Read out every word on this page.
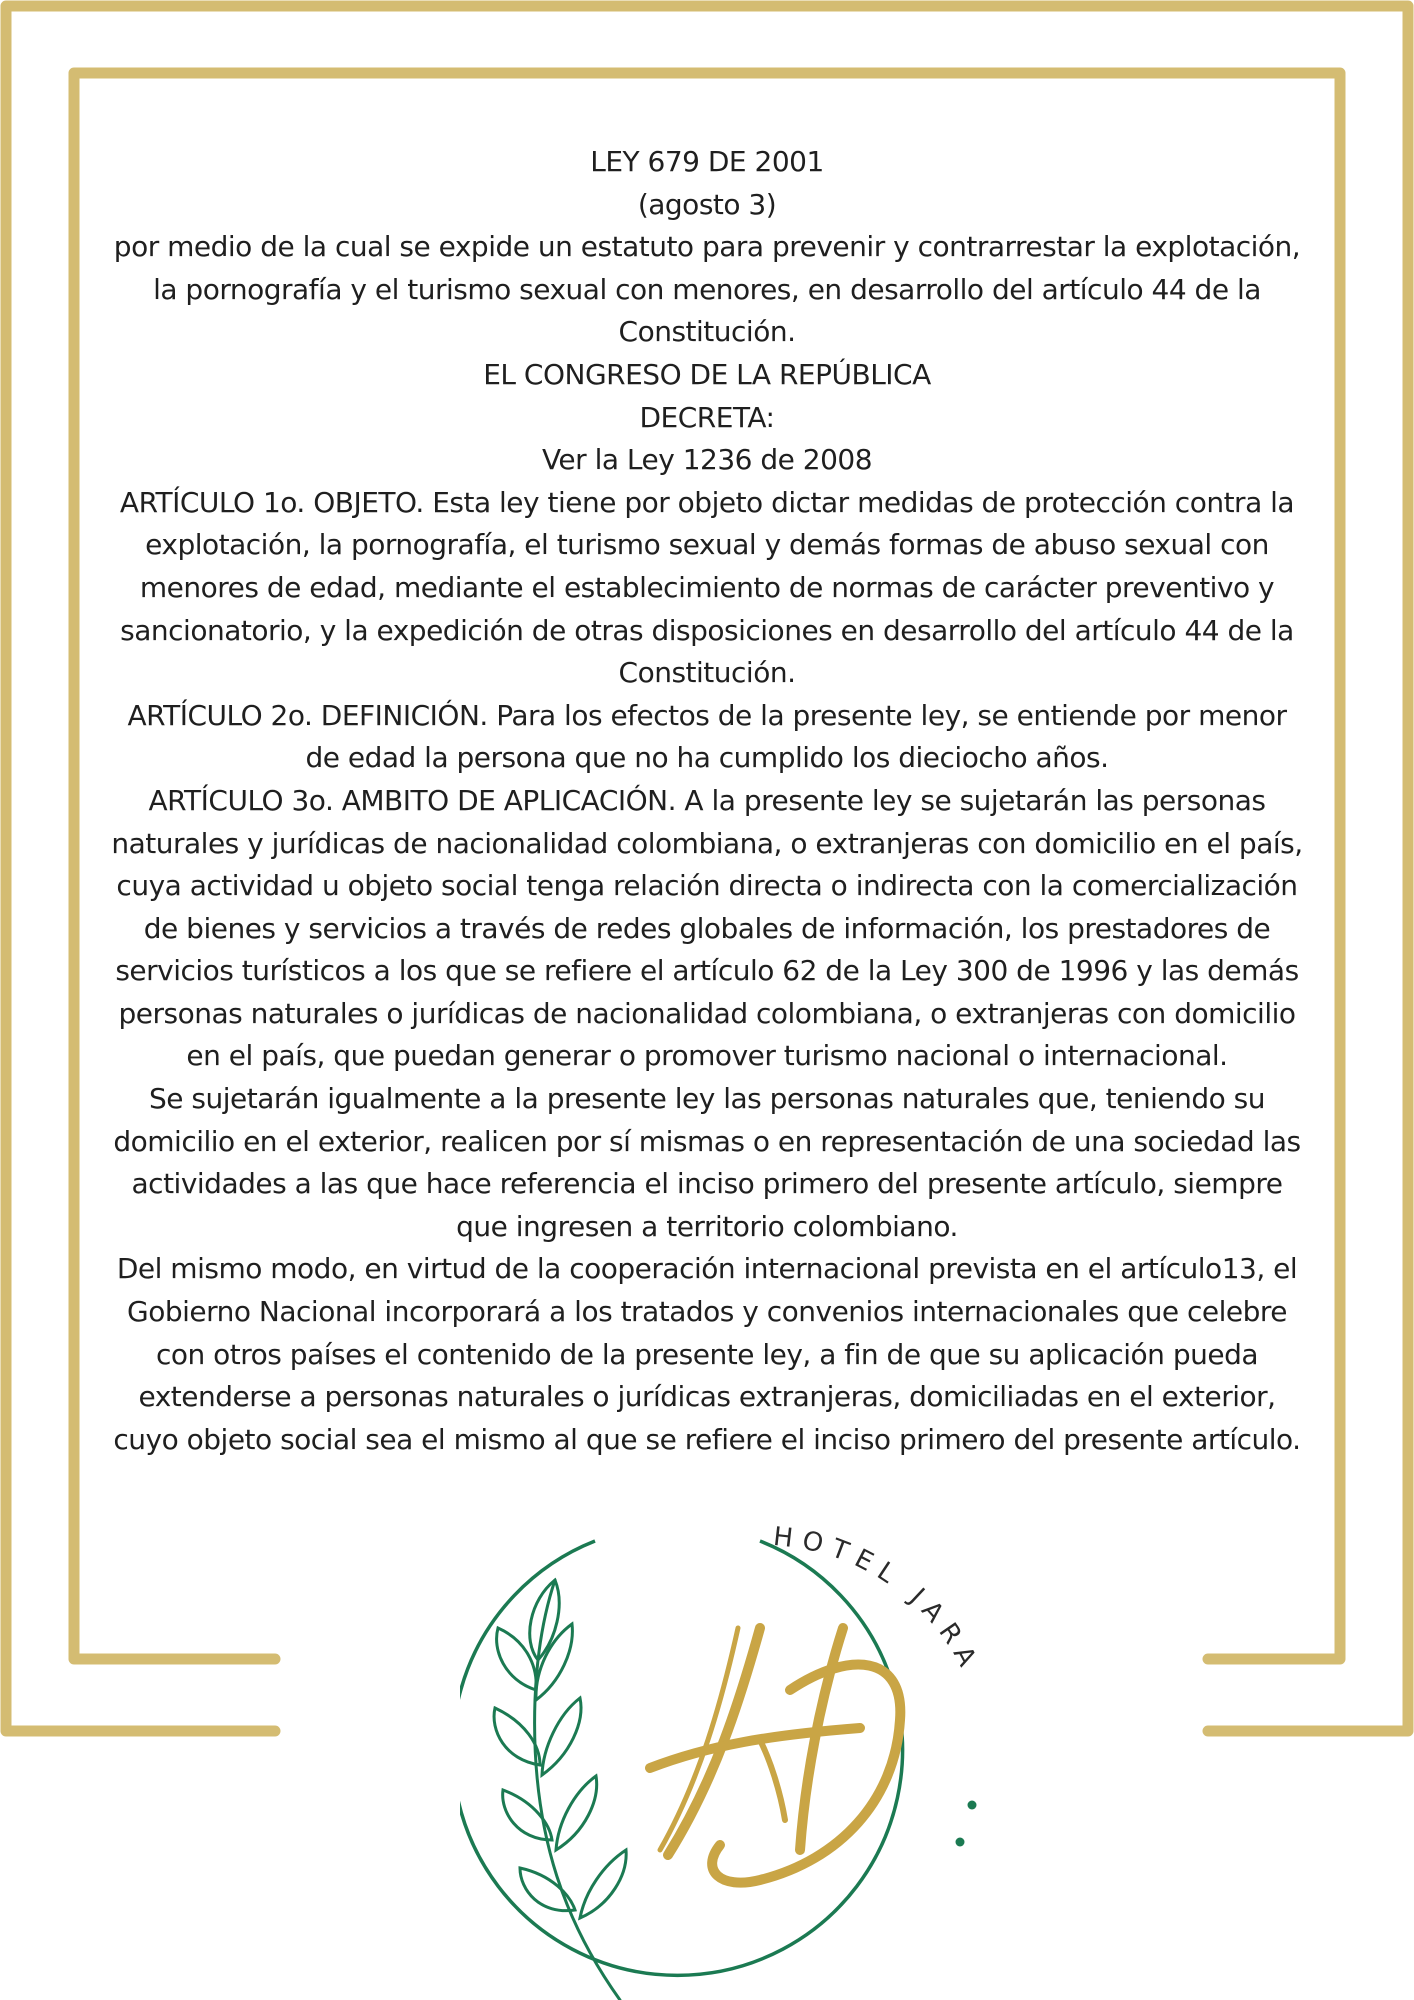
LEY 679 DE 2001
(agosto 3)
por medio de la cual se expide un estatuto para prevenir y contrarrestar la explotación, la pornografía y el turismo sexual con menores, en desarrollo del artículo 44 de la Constitución.
EL CONGRESO DE LA REPÚBLICA
DECRETA:
Ver la Ley 1236 de 2008
ARTÍCULO 1o. OBJETO. Esta ley tiene por objeto dictar medidas de protección contra la explotación, la pornografía, el turismo sexual y demás formas de abuso sexual con menores de edad, mediante el establecimiento de normas de carácter preventivo y sancionatorio, y la expedición de otras disposiciones en desarrollo del artículo 44 de la Constitución.
ARTÍCULO 2o. DEFINICIÓN. Para los efectos de la presente ley, se entiende por menor de edad la persona que no ha cumplido los dieciocho años.
ARTÍCULO 3o. AMBITO DE APLICACIÓN. A la presente ley se sujetarán las personas naturales y jurídicas de nacionalidad colombiana, o extranjeras con domicilio en el país, cuya actividad u objeto social tenga relación directa o indirecta con la comercialización de bienes y servicios a través de redes globales de información, los prestadores de servicios turísticos a los que se refiere el artículo 62 de la Ley 300 de 1996 y las demás personas naturales o jurídicas de nacionalidad colombiana, o extranjeras con domicilio en el país, que puedan generar o promover turismo nacional o internacional.
Se sujetarán igualmente a la presente ley las personas naturales que, teniendo su domicilio en el exterior, realicen por sí mismas o en representación de una sociedad las actividades a las que hace referencia el inciso primero del presente artículo, siempre que ingresen a territorio colombiano.
Del mismo modo, en virtud de la cooperación internacional prevista en el artículo13, el Gobierno Nacional incorporará a los tratados y convenios internacionales que celebre con otros países el contenido de la presente ley, a fin de que su aplicación pueda extenderse a personas naturales o jurídicas extranjeras, domiciliadas en el exterior, cuyo objeto social sea el mismo al que se refiere el inciso primero del presente artículo.
HOTEL JARA
